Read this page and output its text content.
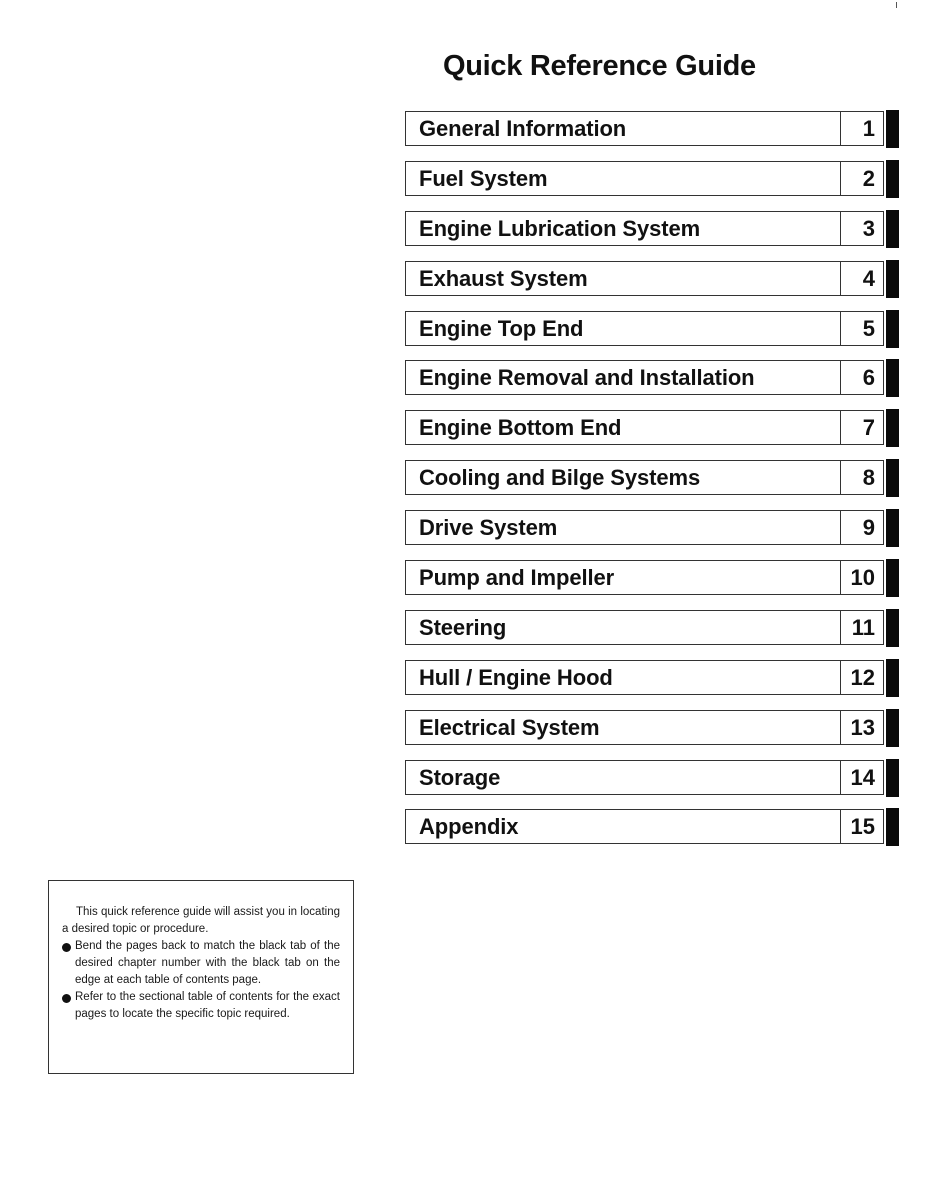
Quick Reference Guide
General Information	1
Fuel System	2
Engine Lubrication System	3
Exhaust System	4
Engine Top End	5
Engine Removal and Installation	6
Engine Bottom End	7
Cooling and Bilge Systems	8
Drive System	9
Pump and Impeller	10
Steering	11
Hull / Engine Hood	12
Electrical System	13
Storage	14
Appendix	15

This quick reference guide will assist you in locating a desired topic or procedure.

Bend the pages back to match the black tab of the desired chapter number with the black tab on the edge at each table of contents page.

Refer to the sectional table of contents for the exact pages to locate the specific topic required.
